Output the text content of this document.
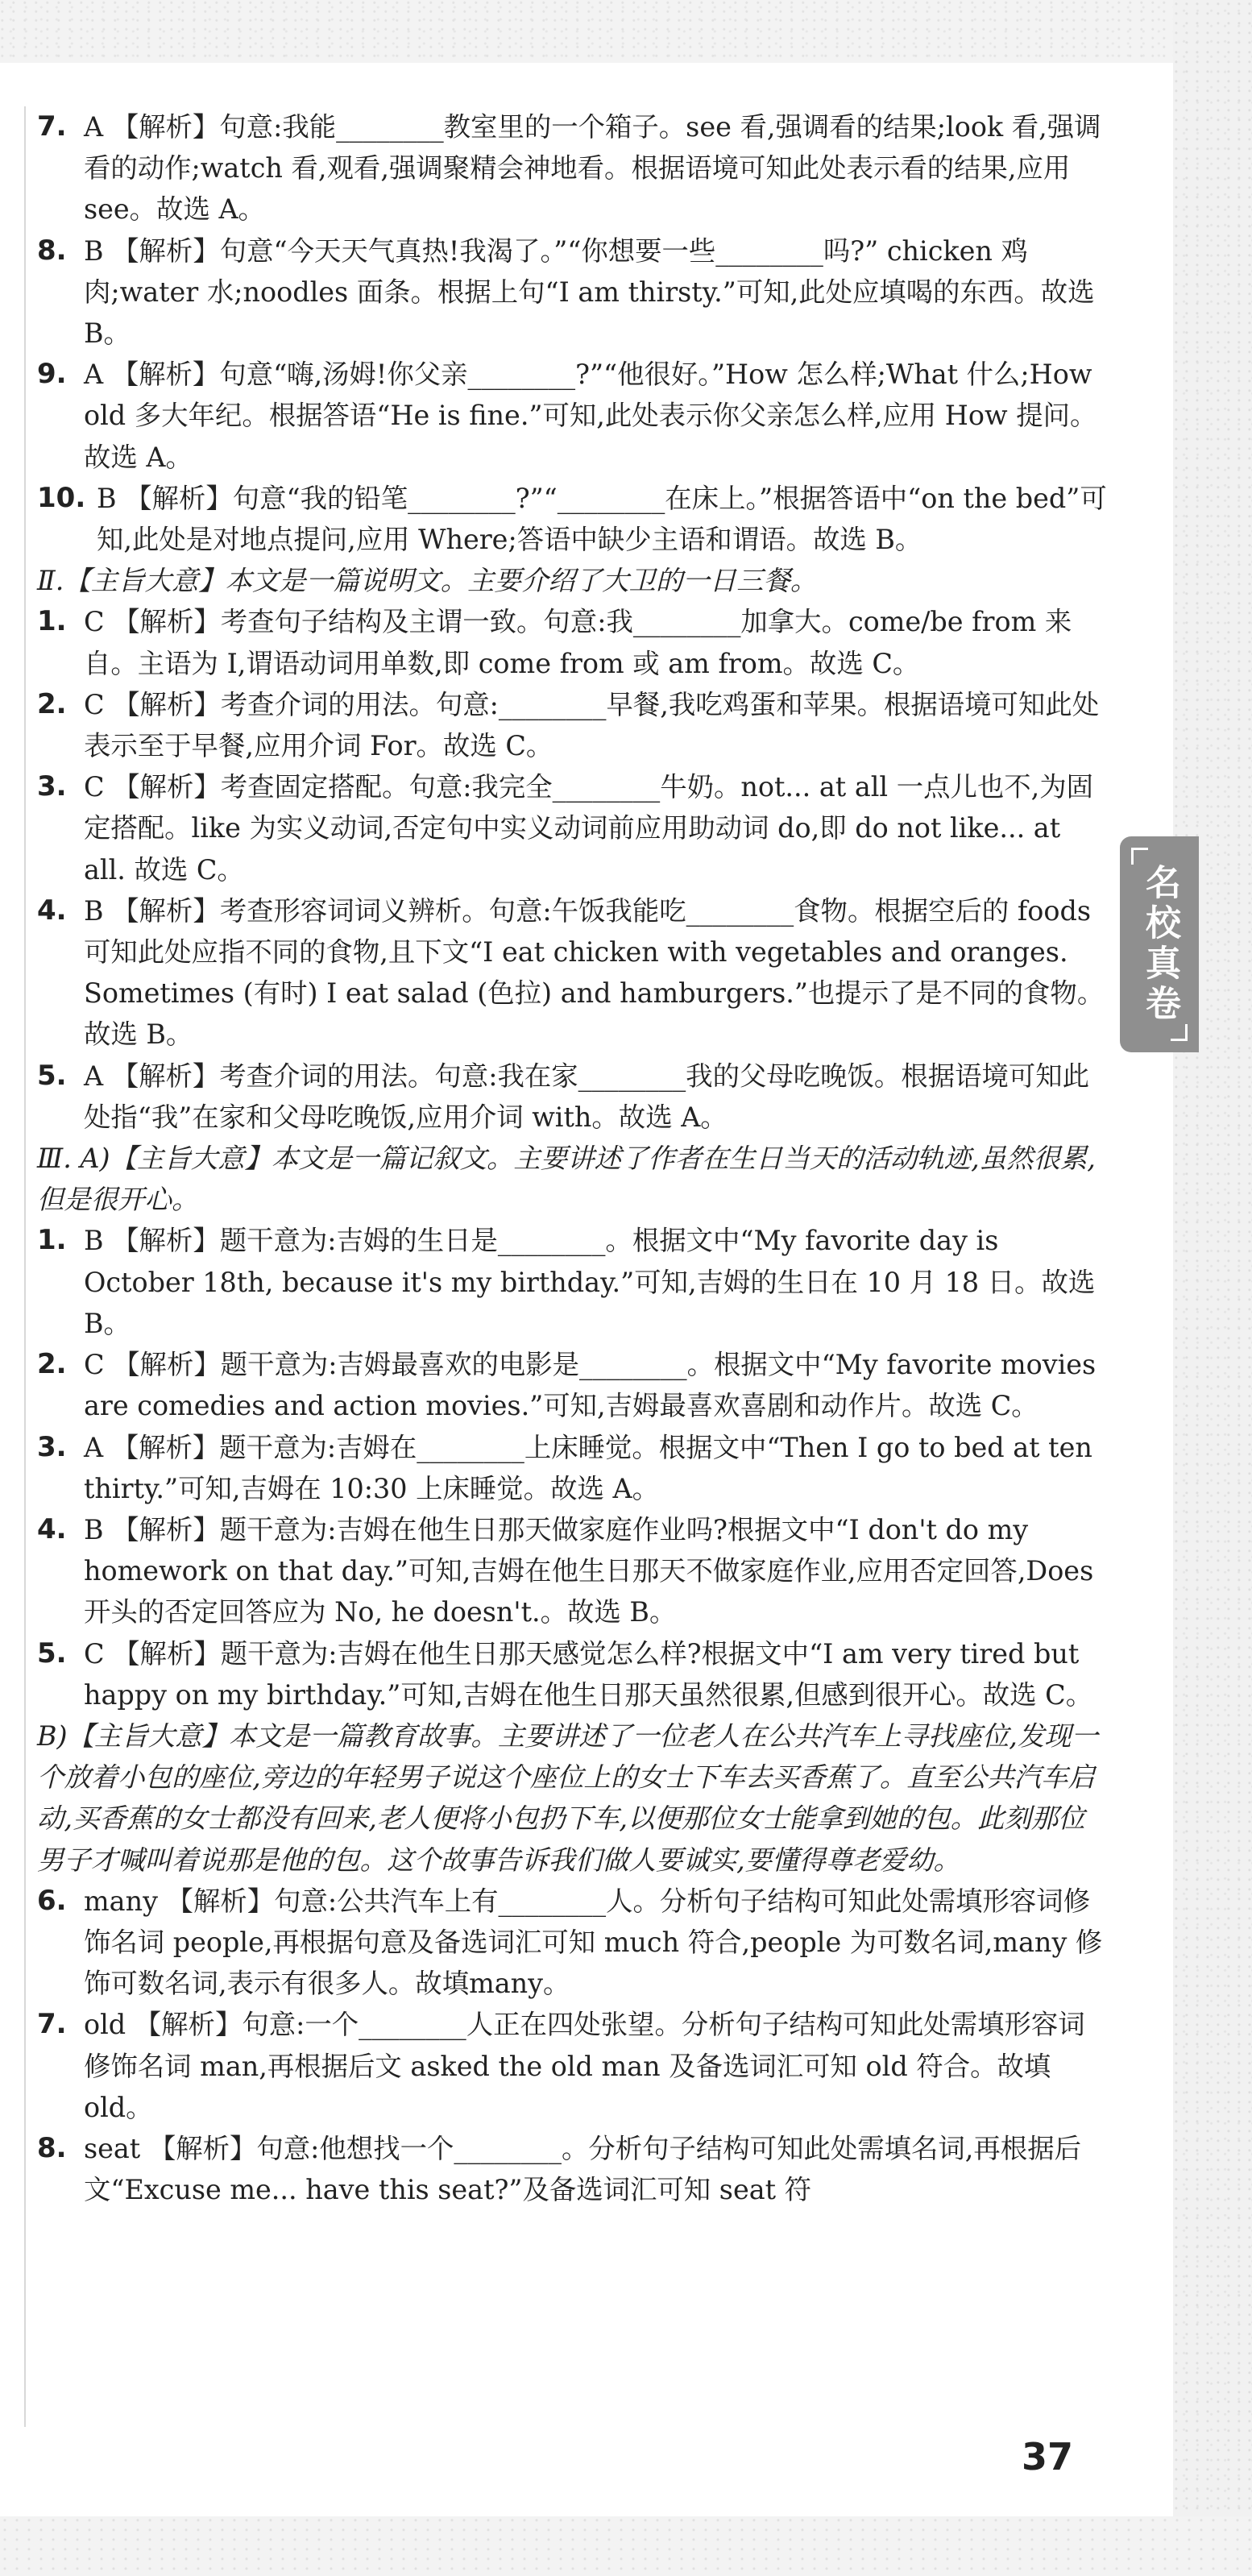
名校真卷
7. A 【解析】句意:我能________教室里的一个箱子。see 看,强调看的结果;look 看,强调看的动作;watch 看,观看,强调聚精会神地看。根据语境可知此处表示看的结果,应用 see。故选 A。
8. B 【解析】句意“今天天气真热!我渴了。”“你想要一些________吗?” chicken 鸡肉;water 水;noodles 面条。根据上句“I am thirsty.”可知,此处应填喝的东西。故选 B。
9. A 【解析】句意“嗨,汤姆!你父亲________?”“他很好。”How 怎么样;What 什么;How old 多大年纪。根据答语“He is fine.”可知,此处表示你父亲怎么样,应用 How 提问。故选 A。
10. B 【解析】句意“我的铅笔________?”“________在床上。”根据答语中“on the bed”可知,此处是对地点提问,应用 Where;答语中缺少主语和谓语。故选 B。
Ⅱ.【主旨大意】本文是一篇说明文。主要介绍了大卫的一日三餐。
1. C 【解析】考查句子结构及主谓一致。句意:我________加拿大。come/be from 来自。主语为 I,谓语动词用单数,即 come from 或 am from。故选 C。
2. C 【解析】考查介词的用法。句意:________早餐,我吃鸡蛋和苹果。根据语境可知此处表示至于早餐,应用介词 For。故选 C。
3. C 【解析】考查固定搭配。句意:我完全________牛奶。not... at all 一点儿也不,为固定搭配。like 为实义动词,否定句中实义动词前应用助动词 do,即 do not like... at all. 故选 C。
4. B 【解析】考查形容词词义辨析。句意:午饭我能吃________食物。根据空后的 foods 可知此处应指不同的食物,且下文“I eat chicken with vegetables and oranges. Sometimes (有时) I eat salad (色拉) and hamburgers.”也提示了是不同的食物。故选 B。
5. A 【解析】考查介词的用法。句意:我在家________我的父母吃晚饭。根据语境可知此处指“我”在家和父母吃晚饭,应用介词 with。故选 A。
Ⅲ. A)【主旨大意】本文是一篇记叙文。主要讲述了作者在生日当天的活动轨迹,虽然很累,但是很开心。
1. B 【解析】题干意为:吉姆的生日是________。根据文中“My favorite day is October 18th, because it's my birthday.”可知,吉姆的生日在 10 月 18 日。故选 B。
2. C 【解析】题干意为:吉姆最喜欢的电影是________。根据文中“My favorite movies are comedies and action movies.”可知,吉姆最喜欢喜剧和动作片。故选 C。
3. A 【解析】题干意为:吉姆在________上床睡觉。根据文中“Then I go to bed at ten thirty.”可知,吉姆在 10:30 上床睡觉。故选 A。
4. B 【解析】题干意为:吉姆在他生日那天做家庭作业吗?根据文中“I don't do my homework on that day.”可知,吉姆在他生日那天不做家庭作业,应用否定回答,Does 开头的否定回答应为 No, he doesn't.。故选 B。
5. C 【解析】题干意为:吉姆在他生日那天感觉怎么样?根据文中“I am very tired but happy on my birthday.”可知,吉姆在他生日那天虽然很累,但感到很开心。故选 C。
B)【主旨大意】本文是一篇教育故事。主要讲述了一位老人在公共汽车上寻找座位,发现一个放着小包的座位,旁边的年轻男子说这个座位上的女士下车去买香蕉了。直至公共汽车启动,买香蕉的女士都没有回来,老人便将小包扔下车,以便那位女士能拿到她的包。此刻那位男子才喊叫着说那是他的包。这个故事告诉我们做人要诚实,要懂得尊老爱幼。
6. many 【解析】句意:公共汽车上有________人。分析句子结构可知此处需填形容词修饰名词 people,再根据句意及备选词汇可知 much 符合,people 为可数名词,many 修饰可数名词,表示有很多人。故填many。
7. old 【解析】句意:一个________人正在四处张望。分析句子结构可知此处需填形容词修饰名词 man,再根据后文 asked the old man 及备选词汇可知 old 符合。故填 old。
8. seat 【解析】句意:他想找一个________。分析句子结构可知此处需填名词,再根据后文“Excuse me... have this seat?”及备选词汇可知 seat 符
37
